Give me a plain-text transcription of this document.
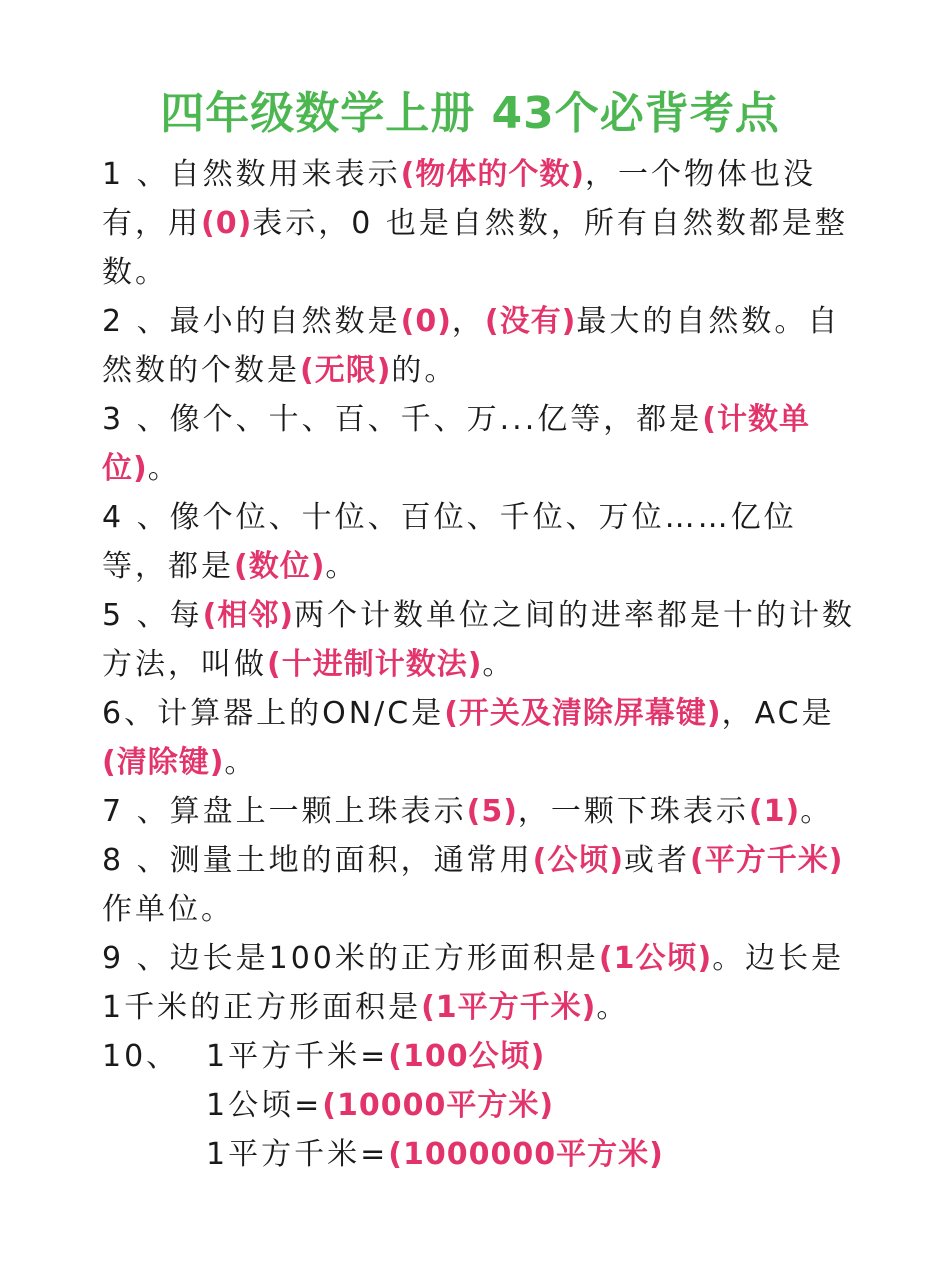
四年级数学上册 43个必背考点

1 、自然数用来表示(物体的个数)，一个物体也没有，用(0)表示，0 也是自然数，所有自然数都是整数。

2 、最小的自然数是(0)，(没有)最大的自然数。自然数的个数是(无限)的。

3 、像个、十、百、千、万...亿等，都是(计数单位)。

4 、像个位、十位、百位、千位、万位……亿位等，都是(数位)。

5 、每(相邻)两个计数单位之间的进率都是十的计数方法，叫做(十进制计数法)。

6、计算器上的ON/C是(开关及清除屏幕键)，AC是(清除键)。

7 、算盘上一颗上珠表示(5)，一颗下珠表示(1)。

8 、测量土地的面积，通常用(公顷)或者(平方千米)作单位。

9 、边长是100米的正方形面积是(1公顷)。边长是1千米的正方形面积是(1平方千米)。

10、 1平方千米=(100公顷)
1公顷=(10000平方米)
1平方千米=(1000000平方米)
